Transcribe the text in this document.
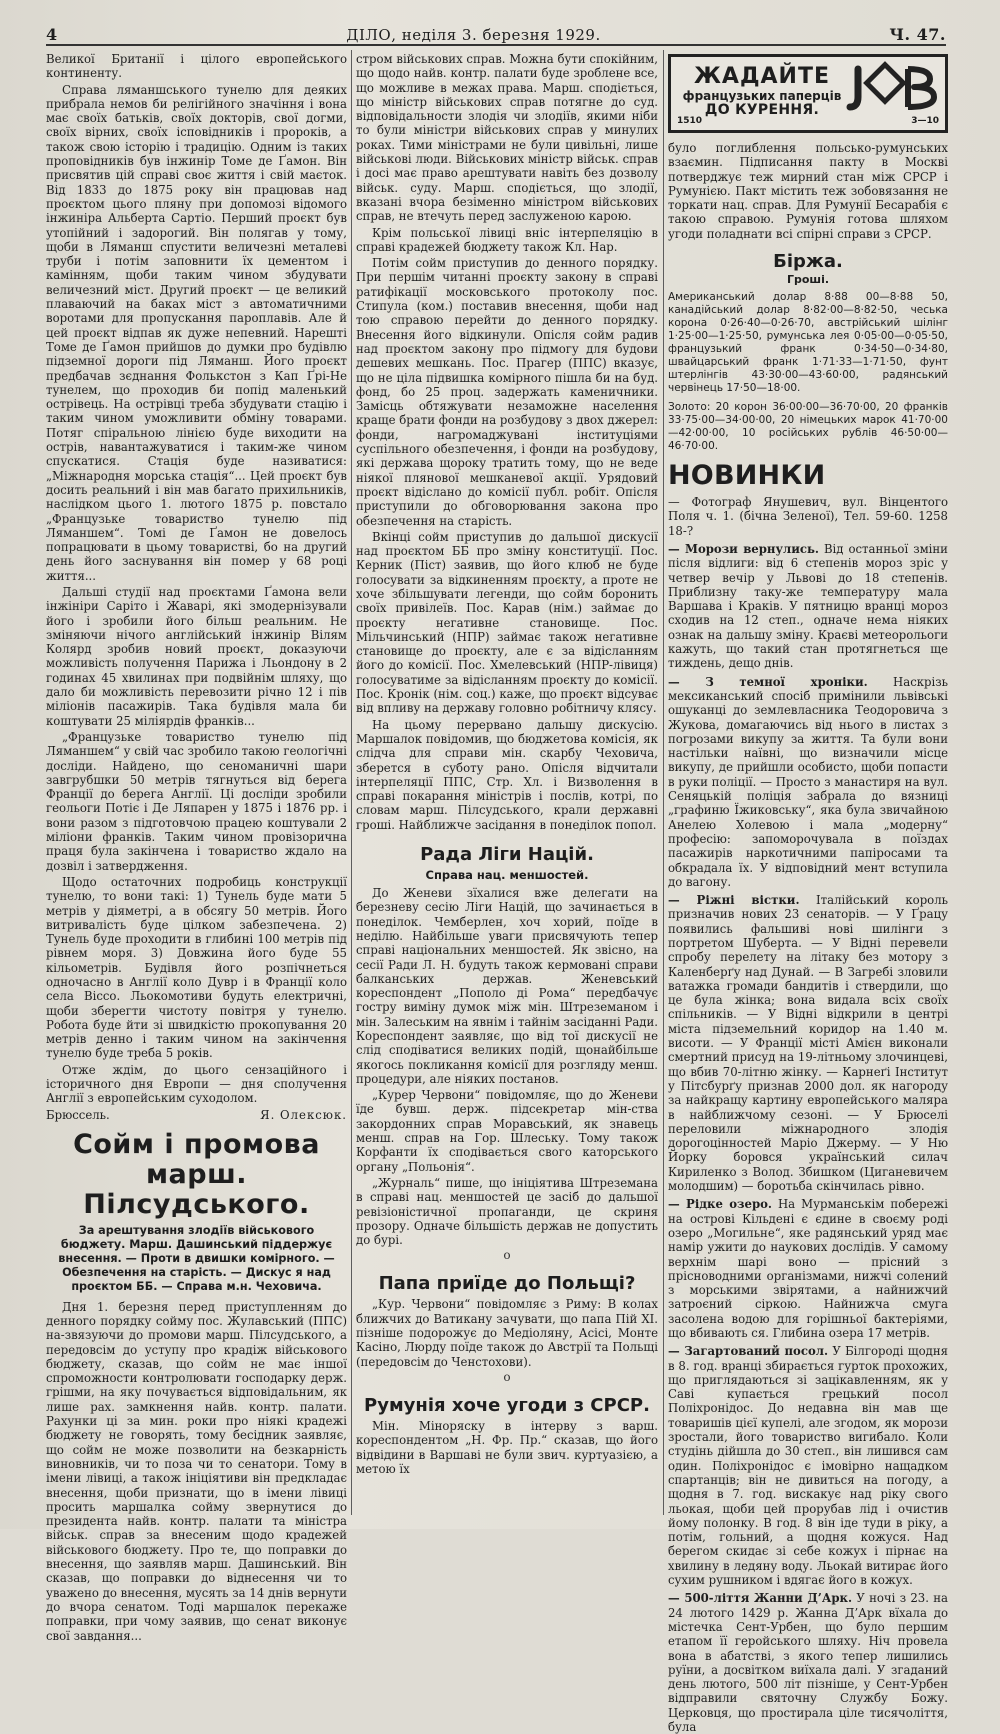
4	ДІЛО, неділя 3. березня 1929.	Ч. 47.

Великої Британії і цілого европейського континенту.

Справа ляманшського тунелю для деяких прибрала немов би релігійного значіння і вона має своїх батьків, своїх докторів, свої догми, своїх вірних, своїх ісповідників і пророків, а також свою історію і традицію. Одним із таких проповідників був інжинір Томе де Ґамон. Він присвятив цій справі своє життя і свій маєток. Від 1833 до 1875 року він працював над проєктом цього пляну при допомозі відомого інжиніра Альберта Сартіо. Перший проєкт був утопійний і задорогий. Він полягав у тому, щоби в Ляманш спустити величезні металеві труби і потім заповнити їх цементом і камінням, щоби таким чином збудувати величезний міст. Другий проєкт — це великий плаваючий на баках міст з автоматичними воротами для пропускання пароплавів. Але й цей проєкт відпав як дуже непевний. Нарешті Томе де Ґамон прийшов до думки про будівлю підземної дороги під Ляманш. Його проєкт предбачав зєднання Фолькстон з Кап Ґрі-Не тунелем, що проходив би попід маленький острівець. На острівці треба збудувати стацію і таким чином уможливити обміну товарами. Потяг спіральною лінією буде виходити на острів, навантажуватися і таким-же чином спускатися. Стація буде називатися: „Міжнародня морська стація“... Цей проєкт був досить реальний і він мав багато прихильників, наслідком цього 1. лютого 1875 р. повстало „Французьке товариство тунелю під Ляманшем“. Томі де Ґамон не довелось попрацювати в цьому товаристві, бо на другий день його заснування він помер у 68 році життя...

Дальші студії над проєктами Ґамона вели інжініри Саріто і Жаварі, які змодернізували його і зробили його більш реальним. Не зміняючи нічого англійський інжинір Вілям Колярд зробив новий проєкт, доказуючи можливість получення Парижа і Льондону в 2 годинах 45 хвилинах при подвійнім шляху, що дало би можливість перевозити річно 12 і пів міліонів пасажирів. Така будівля мала би коштувати 25 міліярдів франків...

„Французьке товариство тунелю під Ляманшем“ у свій час зробило такою геологічні досліди. Найдено, що сеноманичні шари завгрубшки 50 метрів тягнуться від берега Франції до берега Англії. Ці досліди зробили геольоги Потіє і Де Ляпарен у 1875 і 1876 рр. і вони разом з підготовчою працею коштували 2 міліони франків. Таким чином провізорична праця була закінчена і товариство ждало на дозвіл і затвердження.

Щодо остаточних подробиць конструкції тунелю, то вони такі: 1) Тунель буде мати 5 метрів у діяметрі, а в обсягу 50 метрів. Його витривалість буде цілком забезпечена. 2) Тунель буде проходити в глибині 100 метрів під рівнем моря. 3) Довжина його буде 55 кільометрів. Будівля його розпічнеться одночасно в Англії коло Дувр і в Франції коло села Віссо. Льокомотиви будуть електричні, щоби зберегти чистоту повітря у тунелю. Робота буде йти зі швидкістю прокопування 20 метрів денно і таким чином на закінчення тунелю буде треба 5 років.

Отже ждім, до цього сензаційного і історичного дня Европи — дня сполучення Англії з европейським суходолом.

Брюссель.	Я. Олексюк.
Сойм і промова марш. Пілсудського.
За арештування злодіїв військового бюджету. Марш. Дашинський піддержує внесення. — Проти в двишки комірного. — Обезпечення на старість. — Дискус я над проєктом ББ. — Справа м.н. Чеховича.

Дня 1. березня перед приступленням до денного порядку сойму пос. Жулавський (ППС) на-звязуючи до промови марш. Пілсудського, а передовсім до уступу про крадіж військового бюджету, сказав, що сойм не має іншої спроможности контролювати господарку держ. грішми, на яку почувається відповідальним, як лише рах. замкнення найв. контр. палати. Рахунки ці за мин. роки про ніякі крадежі бюджету не говорять, тому бесідник заявляє, що сойм не може позволити на безкарність виновників, чи то поза чи то сенатори. Тому в імени лівиці, а також ініціятиви він предкладає внесення, щоби признати, що в імени лівиці просить маршалка сойму звернутися до президента найв. контр. палати та міністра військ. справ за внесеним щодо крадежей військового бюджету. Про те, що поправки до внесення, що заявляв марш. Дашинський. Він сказав, що поправки до віднесення чи то уважено до внесення, мусять за 14 днів вернути до вчора сенатом. Тоді маршалок перекаже поправки, при чому заявив, що сенат виконує свої завдання...

стром військових справ. Можна бути спокійним, що щодо найв. контр. палати буде зроблене все, що можливе в межах права. Марш. сподіється, що міністр військових справ потягне до суд. відповідальности злодія чи злодіїв, якими ніби то були міністри військових справ у минулих роках. Тими міністрами не були цивільні, лише військові люди. Військових міністр військ. справ і досі має право арештувати навіть без дозволу військ. суду. Марш. сподіється, що злодії, вказані вчора безіменно міністром військових справ, не втечуть перед заслуженою карою.

Крім польської лівиці вніс інтерпеляцію в справі крадежей бюджету також Кл. Нар.

Потім сойм приступив до денного порядку. При першім читанні проєкту закону в справі ратифікації московського протоколу пос. Стипула (ком.) поставив внесення, щоби над тою справою перейти до денного порядку. Внесення його відкинули. Опісля сойм радив над проєктом закону про підмогу для будови дешевих мешкань. Пос. Прагер (ППС) вказує, що не ціла підвишка комірного пішла би на буд. фонд, бо 25 проц. задержать каменичники. Замісць обтяжувати незаможне населення краще брати фонди на розбудову з двох джерел: фонди, нагромаджувані інституціями суспільного обезпечення, і фонди на розбудову, які держава щороку тратить тому, що не веде ніякої плянової мешканевої акції. Урядовий проєкт відіслано до комісії публ. робіт. Опісля приступили до обговорювання закона про обезпечення на старість.

Вкінці сойм приступив до дальшої дискусії над проєктом ББ про зміну конституції. Пос. Керник (Піст) заявив, що його клюб не буде голосувати за відкиненням проєкту, а проте не хоче збільшувати легенди, що сойм боронить своїх привілеїв. Пос. Карав (нім.) займає до проєкту негативне становище. Пос. Мільчинський (НПР) займає також негативне становище до проєкту, але є за відісланням його до комісії. Пос. Хмелевський (НПР-лівиця) голосуватиме за відісланням проєкту до комісії. Пос. Кронік (нім. соц.) каже, що проєкт відсуває від впливу на державу головно робітничу клясу.

На цьому перервано дальшу дискусію. Маршалок повідомив, що бюджетова комісія, як слідча для справи мін. скарбу Чеховича, зберется в суботу рано. Опісля відчитали інтерпеляції ППС, Стр. Хл. і Визволення в справі покарання міністрів і послів, котрі, по словам марш. Пілсудського, крали державні гроші. Найближче засідання в понеділок попол.

Рада Ліги Націй.
Справа нац. меншостей.

До Женеви зїхалися вже делегати на березневу сесію Ліги Націй, що зачинається в понеділок. Чемберлен, хоч хорий, поїде в неділю. Найбільше уваги присвячують тепер справі національних меншостей. Як звісно, на сесії Ради Л. Н. будуть також кермовані справи балканських держав. Женевський кореспондент „Пополо ді Рома“ передбачує гостру виміну думок між мін. Штреземаном і мін. Залеським на явнім і тайнім засіданні Ради. Кореспондент заявляє, що від тої дискусії не слід сподіватися великих подій, щонайбільше якогось покликання комісії для розгляду менш. процедури, але ніяких постанов.

„Курер Червони“ повідомляє, що до Женеви їде бувш. держ. підсекретар мін-ства закордонних справ Моравський, як знавець менш. справ на Гор. Шлеську. Тому також Корфанти їх сподівається свого каторського органу „Польонія“.

„Журналь“ пише, що ініціятива Штреземана в справі нац. меншостей це засіб до дальшої ревізіоністичної пропаганди, це скриня прозору. Одначе більшість держав не допустить до бурі.

o
Папа приїде до Польщі?

„Кур. Червони“ повідомляє з Риму: В колах ближчих до Ватикану зачувати, що папа Пій XI. пізніше подорожує до Медіоляну, Асісі, Монте Касіно, Люрду поїде також до Австрії та Польщі (передовсім до Ченстохови).

o
Румунія хоче угоди з СРСР.

Мін. Міноряску в інтерву з варш. кореспондентом „Н. Фр. Пр.“ сказав, що його відвідини в Варшаві не були звич. куртуазією, а метою їх

ЖАДАЙТЕ
французьких паперців
ДО КУРЕННЯ.
1510	3—10

було поглиблення польсько-румунських взаємин. Підписання пакту в Москві потверджує теж мирний стан між СРСР і Румунією. Пакт містить теж зобовязання не торкати нац. справ. Для Румунії Бесарабія є такою справою. Румунія готова шляхом угоди поладнати всі спірні справи з СРСР.

Біржа.
Гроші.

Американський долар 8·88 00—8·88 50, канадійський долар 8·82·00—8·82·50, чеська корона 0·26·40—0·26·70, австрійський шілінг 1·25·00—1·25·50, румунська лея 0·05·00—0·05·50, французький франк 0·34·50—0·34·80, швайцарський франк 1·71·33—1·71·50, фунт штерлінгів 43·30·00—43·60·00, радянський червінець 17·50—18·00.

Золото: 20 корон 36·00·00—36·70·00, 20 франків 33·75·00—34·00·00, 20 німецьких марок 41·70·00—42·00·00, 10 російських рублів 46·50·00—46·70·00.

НОВИНКИ

— Фотограф Янушевич, вул. Вінцентого Поля ч. 1. (бічна Зеленої), Тел. 59-60. 1258 18-?

— Морози вернулись. Від останньої зміни після відлиги: від 6 степенів мороз зріс у четвер вечір у Львові до 18 степенів. Приблизну таку-же температуру мала Варшава і Краків. У пятницю вранці мороз сходив на 12 степ., одначе нема ніяких ознак на дальшу зміну. Краєві метеорольоги кажуть, що такий стан протягнеться ще тиждень, дещо днів.

— З темної хроніки. Наскрізь мексиканський спосіб примінили львівські ошуканці до землевласника Теодоровича з Жукова, домагаючись від нього в листах з погрозами викупу за життя. Та були вони настільки наївні, що визначили місце викупу, де прийшли особисто, щоби попасти в руки поліції. — Просто з манастиря на вул. Сеняцькій поліція забрала до вязниці „графиню Їжиковську“, яка була звичайною Анелею Холевою і мала „модерну“ професію: запоморочувала в поїздах пасажирів наркотичними папіросами та обкрадала їх. У відповідний мент вступила до вагону.

— Ріжні вістки. Італійський король призначив нових 23 сенаторів. — У Ґрацу появились фальшиві нові шилінги з портретом Шуберта. — У Відні перевели спробу перелету на літаку без мотору з Каленберґу над Дунай. — В Загребі зловили ватажка громади бандитів і ствердили, що це була жінка; вона видала всіх своїх спільників. — У Відні відкрили в центрі міста підземельний коридор на 1.40 м. висоти. — У Франції місті Амієн виконали смертний присуд на 19-літньому злочинцеві, що вбив 70-літню жінку. — Карнеґі Інститут у Пітсбурґу признав 2000 дол. як нагороду за найкращу картину европейського маляра в найближчому сезоні. — У Брюселі переловили міжнародного злодія дорогоцінностей Маріо Джерму. — У Ню Йорку боровся український силач Кириленко з Волод. Збишком (Циганевичем молодшим) — боротьба скінчилась рівно.

— Рідке озеро. На Мурманськім побережі на острові Кільдені є єдине в своєму роді озеро „Могильне“, яке радянський уряд має намір ужити до наукових дослідів. У самому верхнім шарі воно — прісний з прісноводними організмами, нижчі солений з морськими звірятами, а найнижчий затроєний сіркою. Найнижча смуга засолена водою для горішньої бактеріями, що вбивають ся. Глибина озера 17 метрів.

— Загартований посол. У Білгороді щодня в 8. год. вранці збирається гурток прохожих, що приглядаються зі зацікавленням, як у Саві купається грецький посол Поліхронідос. До недавна він мав ще товаришів цієї купелі, але згодом, як морози зростали, його товариство вигибало. Коли студінь дійшла до 30 степ., він лишився сам один. Поліхронідос є імовірно нащадком спартанців; він не дивиться на погоду, а щодня в 7. год. вискакує над ріку свого льокая, щоби цей прорубав лід і очистив йому полонку. В год. 8 він іде туди в ріку, а потім, гольний, а щодня кожуся. Над берегом скидає зі себе кожух і пірнає на хвилину в ледяну воду. Льокай витирає його сухим рушником і вдягає його в кожух.

— 500-ліття Жанни Д’Арк. У ночі з 23. на 24 лютого 1429 р. Жанна Д’Арк вїхала до містечка Сент-Урбен, що було першим етапом її геройського шляху. Ніч провела вона в абатстві, з якого тепер лишились руїни, а досвітком виїхала далі. У згаданий день лютого, 500 літ пізніше, у Сент-Урбен відправили святочну Службу Божу. Церковця, що простирала ціле тисячоліття, була
